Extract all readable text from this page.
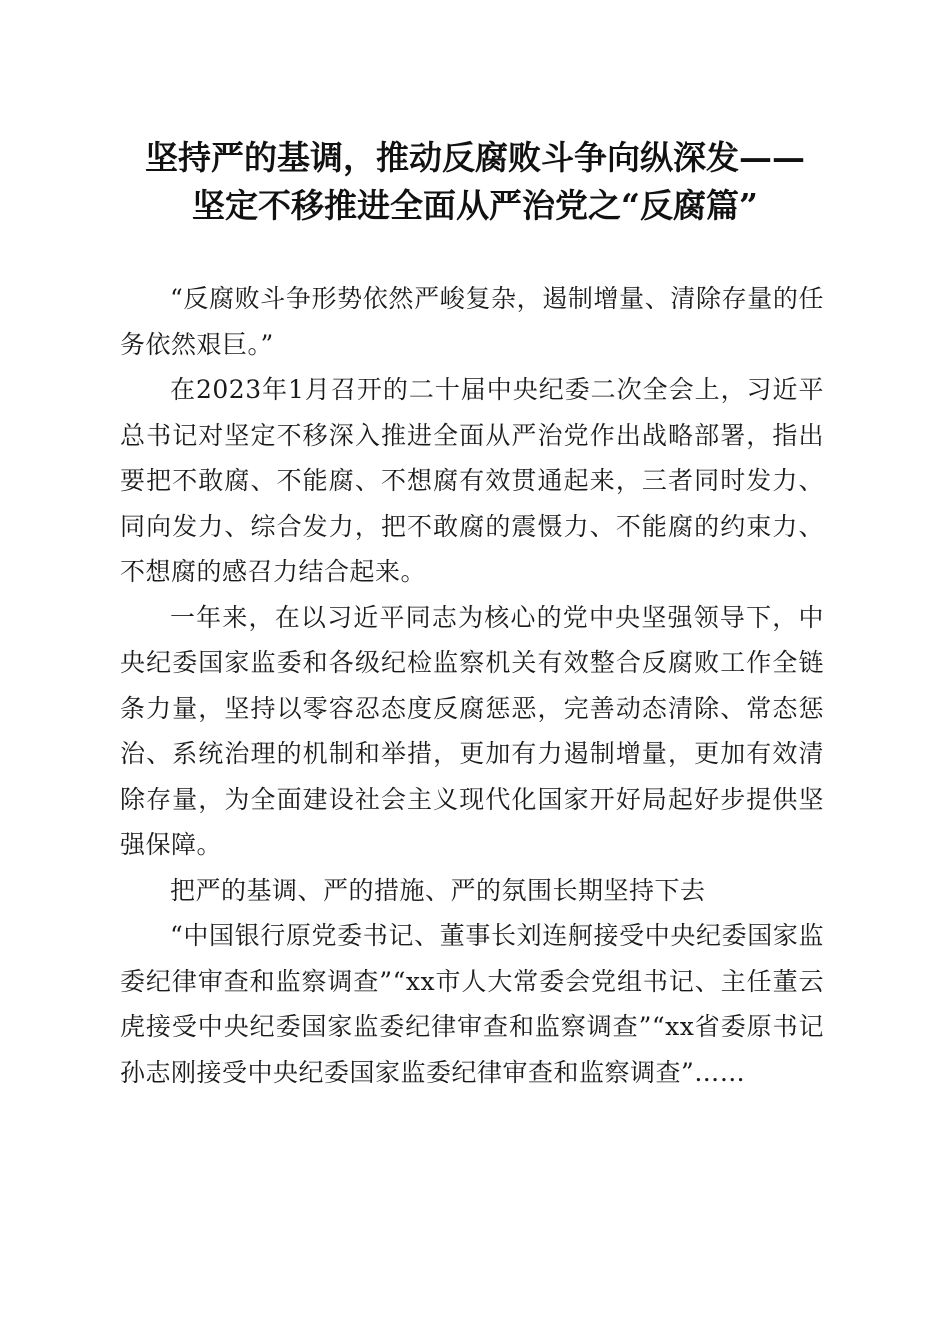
坚持严的基调，推动反腐败斗争向纵深发——
坚定不移推进全面从严治党之“反腐篇”

“反腐败斗争形势依然严峻复杂，遏制增量、清除存量的任务依然艰巨。”

在2023年1月召开的二十届中央纪委二次全会上，习近平总书记对坚定不移深入推进全面从严治党作出战略部署，指出要把不敢腐、不能腐、不想腐有效贯通起来，三者同时发力、同向发力、综合发力，把不敢腐的震慑力、不能腐的约束力、不想腐的感召力结合起来。

一年来，在以习近平同志为核心的党中央坚强领导下，中央纪委国家监委和各级纪检监察机关有效整合反腐败工作全链条力量，坚持以零容忍态度反腐惩恶，完善动态清除、常态惩治、系统治理的机制和举措，更加有力遏制增量，更加有效清除存量，为全面建设社会主义现代化国家开好局起好步提供坚强保障。

把严的基调、严的措施、严的氛围长期坚持下去

“中国银行原党委书记、董事长刘连舸接受中央纪委国家监委纪律审查和监察调查”“xx市人大常委会党组书记、主任董云虎接受中央纪委国家监委纪律审查和监察调查”“xx省委原书记孙志刚接受中央纪委国家监委纪律审查和监察调查”……
